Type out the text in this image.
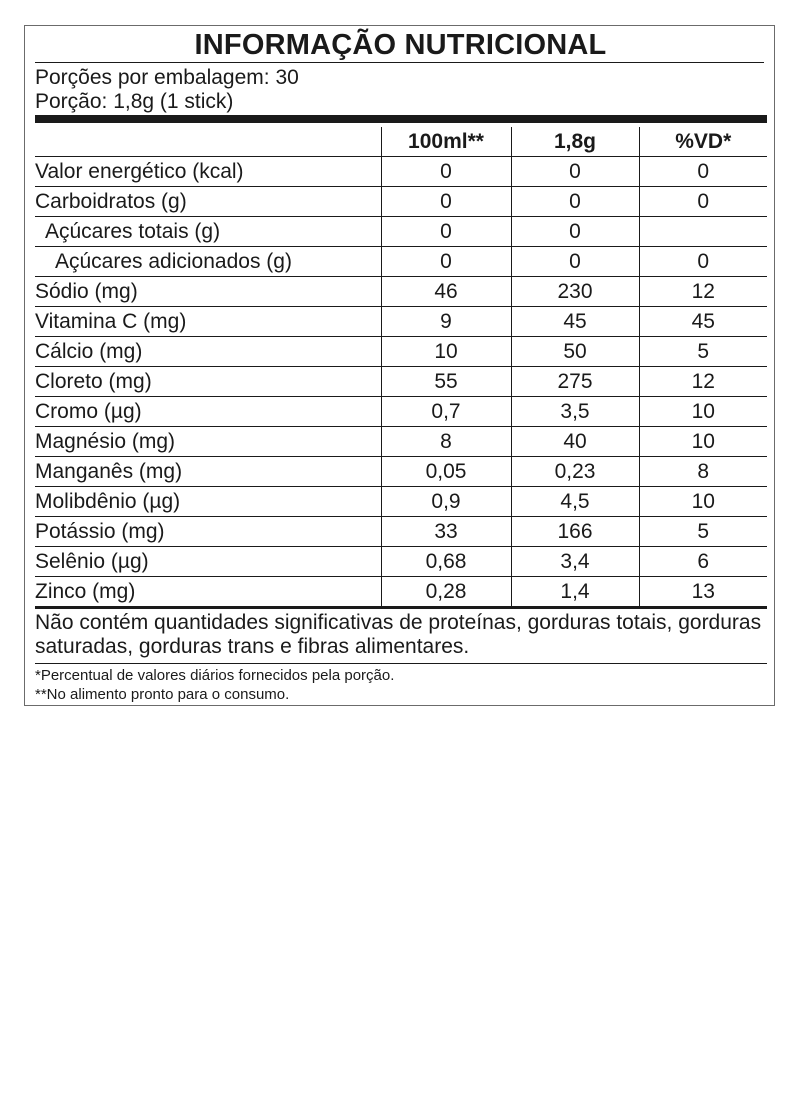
INFORMAÇÃO NUTRICIONAL
Porções por embalagem: 30
Porção: 1,8g (1 stick)
	100ml**	1,8g	%VD*
Valor energético (kcal)	0	0	0
Carboidratos (g)	0	0	0
Açúcares totais (g)	0	0	
Açúcares adicionados (g)	0	0	0
Sódio (mg)	46	230	12
Vitamina C (mg)	9	45	45
Cálcio (mg)	10	50	5
Cloreto (mg)	55	275	12
Cromo (µg)	0,7	3,5	10
Magnésio (mg)	8	40	10
Manganês (mg)	0,05	0,23	8
Molibdênio (µg)	0,9	4,5	10
Potássio (mg)	33	166	5
Selênio (µg)	0,68	3,4	6
Zinco (mg)	0,28	1,4	13
Não contém quantidades significativas de proteínas, gorduras totais, gorduras saturadas, gorduras trans e fibras alimentares.
*Percentual de valores diários fornecidos pela porção.
**No alimento pronto para o consumo.
